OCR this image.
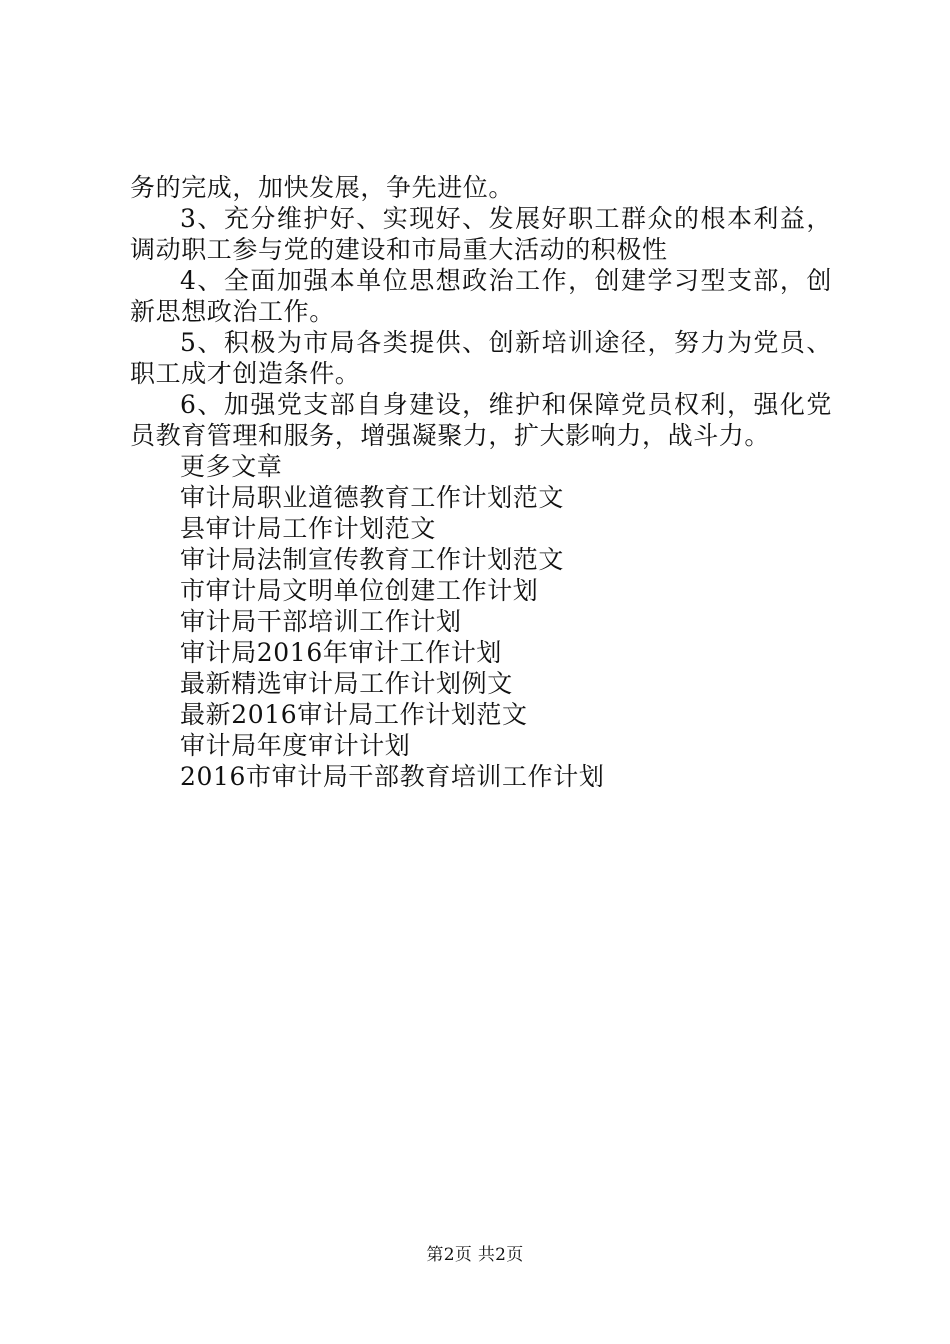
务的完成，加快发展，争先进位。

3、充分维护好、实现好、发展好职工群众的根本利益，调动职工参与党的建设和市局重大活动的积极性

4、全面加强本单位思想政治工作，创建学习型支部，创新思想政治工作。

5、积极为市局各类提供、创新培训途径，努力为党员、职工成才创造条件。

6、加强党支部自身建设，维护和保障党员权利，强化党员教育管理和服务，增强凝聚力，扩大影响力，战斗力。

更多文章
审计局职业道德教育工作计划范文
县审计局工作计划范文
审计局法制宣传教育工作计划范文
市审计局文明单位创建工作计划
审计局干部培训工作计划
审计局2016年审计工作计划
最新精选审计局工作计划例文
最新2016审计局工作计划范文
审计局年度审计计划
2016市审计局干部教育培训工作计划
第2页 共2页
